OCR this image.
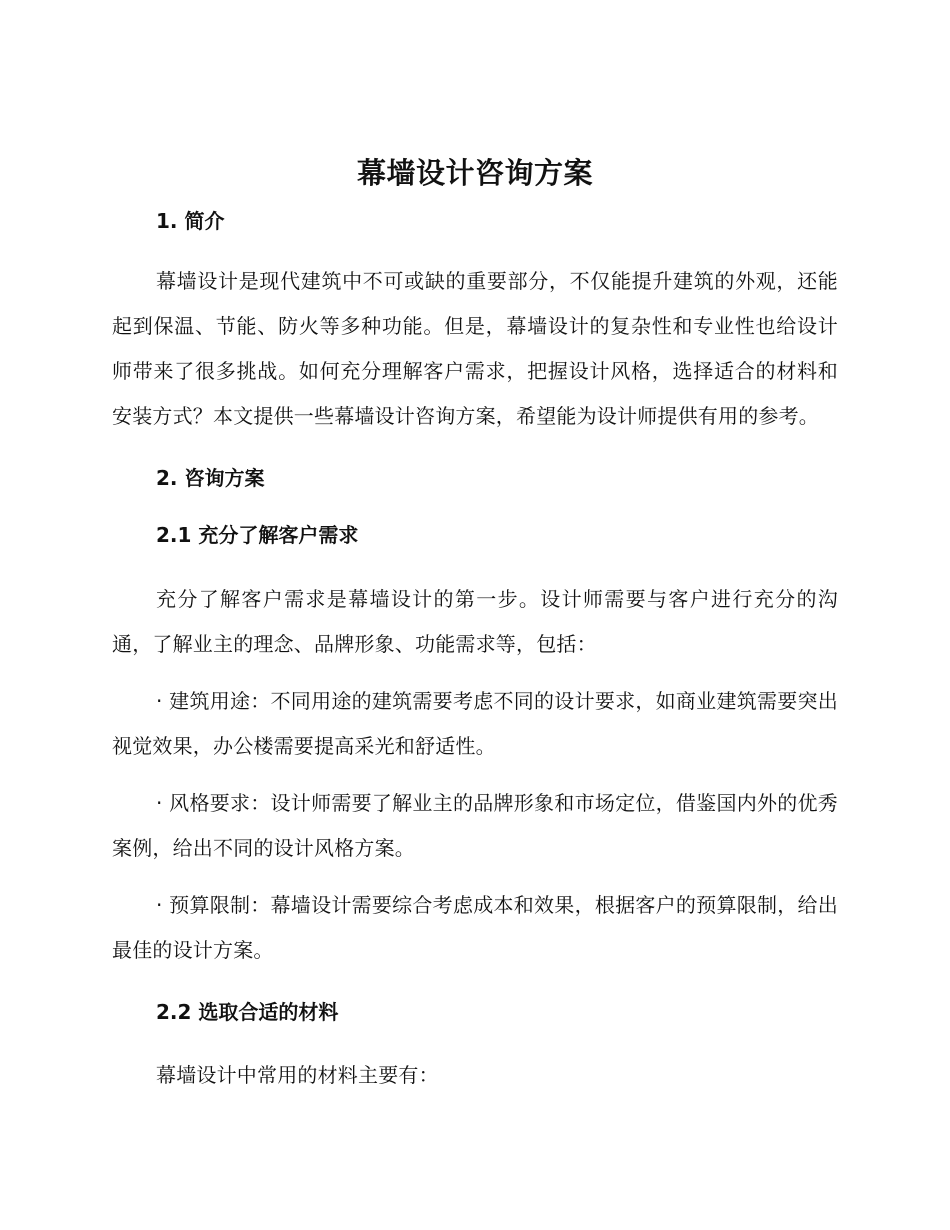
幕墙设计咨询方案
1. 简介

幕墙设计是现代建筑中不可或缺的重要部分，不仅能提升建筑的外观，还能起到保温、节能、防火等多种功能。但是，幕墙设计的复杂性和专业性也给设计师带来了很多挑战。如何充分理解客户需求，把握设计风格，选择适合的材料和安装方式？本文提供一些幕墙设计咨询方案，希望能为设计师提供有用的参考。

2. 咨询方案
2.1 充分了解客户需求

充分了解客户需求是幕墙设计的第一步。设计师需要与客户进行充分的沟通，了解业主的理念、品牌形象、功能需求等，包括：

· 建筑用途：不同用途的建筑需要考虑不同的设计要求，如商业建筑需要突出视觉效果，办公楼需要提高采光和舒适性。

· 风格要求：设计师需要了解业主的品牌形象和市场定位，借鉴国内外的优秀案例，给出不同的设计风格方案。

· 预算限制：幕墙设计需要综合考虑成本和效果，根据客户的预算限制，给出最佳的设计方案。

2.2 选取合适的材料

幕墙设计中常用的材料主要有：
